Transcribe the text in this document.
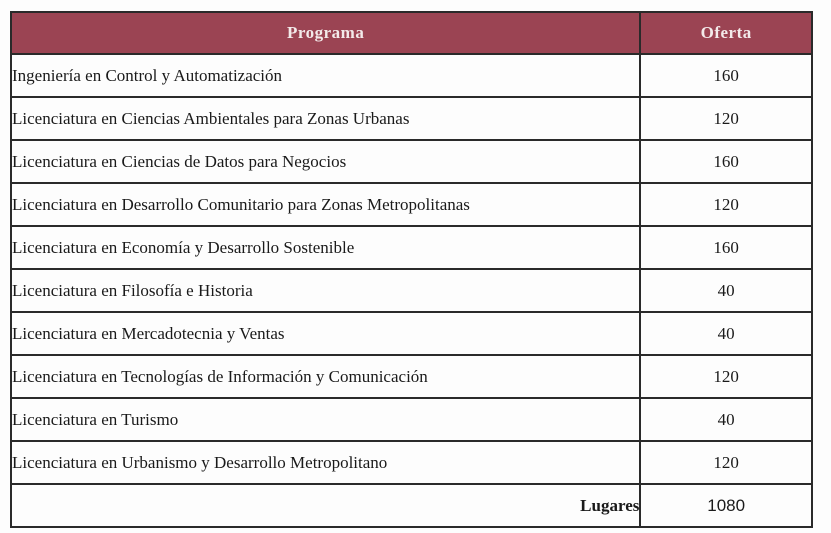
Programa	Oferta
Ingeniería en Control y Automatización	160
Licenciatura en Ciencias Ambientales para Zonas Urbanas	120
Licenciatura en Ciencias de Datos para Negocios	160
Licenciatura en Desarrollo Comunitario para Zonas Metropolitanas	120
Licenciatura en Economía y Desarrollo Sostenible	160
Licenciatura en Filosofía e Historia	40
Licenciatura en Mercadotecnia y Ventas	40
Licenciatura en Tecnologías de Información y Comunicación	120
Licenciatura en Turismo	40
Licenciatura en Urbanismo y Desarrollo Metropolitano	120
Lugares	1080
